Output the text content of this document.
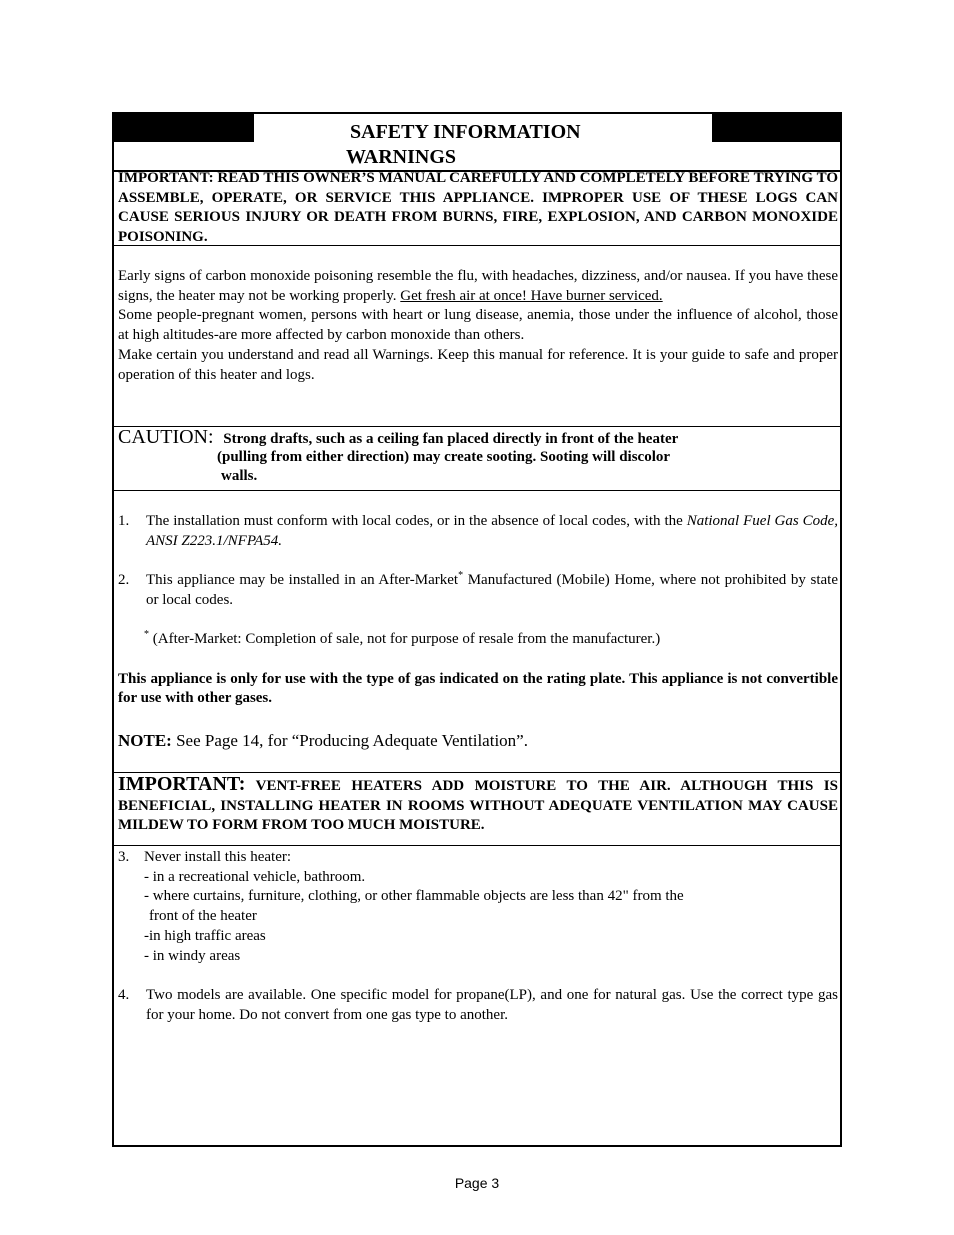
SAFETY INFORMATION
WARNINGS
IMPORTANT: READ THIS OWNER’S MANUAL CAREFULLY AND COMPLETELY BEFORE TRYING TO ASSEMBLE, OPERATE, OR SERVICE THIS APPLIANCE. IMPROPER USE OF THESE LOGS CAN CAUSE SERIOUS INJURY OR DEATH FROM BURNS, FIRE, EXPLOSION, AND CARBON MONOXIDE POISONING.
Early signs of carbon monoxide poisoning resemble the flu, with headaches, dizziness, and/or nausea. If you have these signs, the heater may not be working properly. Get fresh air at once! Have burner serviced.
Some people-pregnant women, persons with heart or lung disease, anemia, those under the influence of alcohol, those at high altitudes-are more affected by carbon monoxide than others.
Make certain you understand and read all Warnings. Keep this manual for reference. It is your guide to safe and proper operation of this heater and logs.
CAUTION: Strong drafts, such as a ceiling fan placed directly in front of the heater
(pulling from either direction) may create sooting. Sooting will discolor
walls.
1. The installation must conform with local codes, or in the absence of local codes, with the National Fuel Gas Code, ANSI Z223.1/NFPA54.
2. This appliance may be installed in an After-Market* Manufactured (Mobile) Home, where not prohibited by state or local codes.
* (After-Market: Completion of sale, not for purpose of resale from the manufacturer.)
This appliance is only for use with the type of gas indicated on the rating plate. This appliance is not convertible for use with other gases.
NOTE: See Page 14, for “Producing Adequate Ventilation”.
IMPORTANT: VENT-FREE HEATERS ADD MOISTURE TO THE AIR. ALTHOUGH THIS IS BENEFICIAL, INSTALLING HEATER IN ROOMS WITHOUT ADEQUATE VENTILATION MAY CAUSE MILDEW TO FORM FROM TOO MUCH MOISTURE.
3. Never install this heater:
- in a recreational vehicle, bathroom.
- where curtains, furniture, clothing, or other flammable objects are less than 42" from the
front of the heater
-in high traffic areas
- in windy areas
4. Two models are available. One specific model for propane(LP), and one for natural gas. Use the correct type gas for your home. Do not convert from one gas type to another.
Page 3
